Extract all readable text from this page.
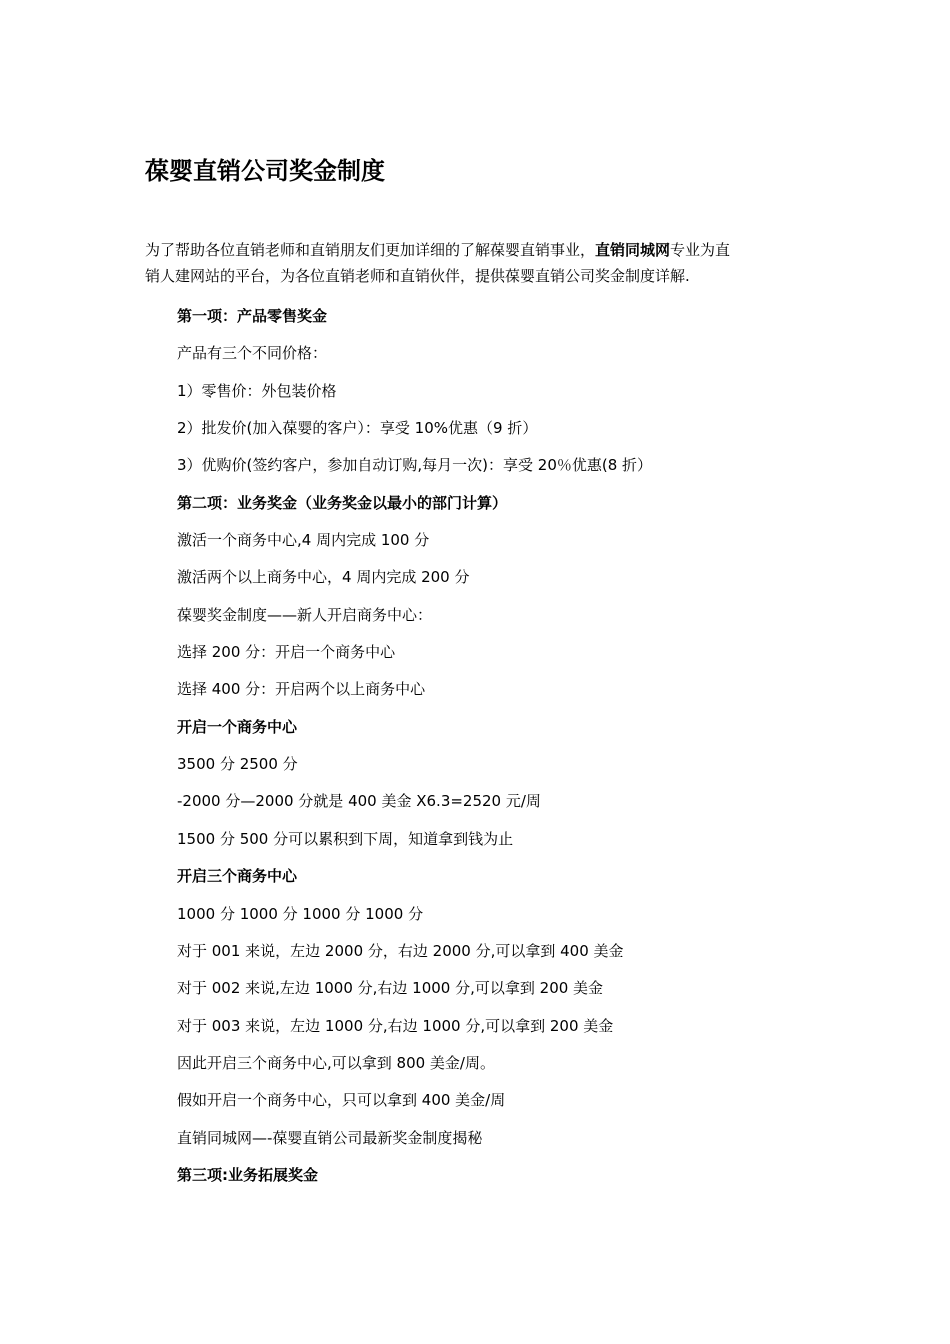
葆婴直销公司奖金制度

为了帮助各位直销老师和直销朋友们更加详细的了解葆婴直销事业，直销同城网专业为直
销人建网站的平台，为各位直销老师和直销伙伴，提供葆婴直销公司奖金制度详解.

第一项：产品零售奖金
产品有三个不同价格：
1）零售价：外包装价格
2）批发价(加入葆婴的客户）：享受 10%优惠（9 折）
3）优购价(签约客户，参加自动订购,每月一次)：享受 20％优惠(8 折）
第二项：业务奖金（业务奖金以最小的部门计算）
激活一个商务中心,4 周内完成 100 分
激活两个以上商务中心，4 周内完成 200 分
葆婴奖金制度——新人开启商务中心：
选择 200 分：开启一个商务中心
选择 400 分：开启两个以上商务中心
开启一个商务中心
3500 分 2500 分
-2000 分—2000 分就是 400 美金 X6.3=2520 元/周
1500 分 500 分可以累积到下周，知道拿到钱为止
开启三个商务中心
1000 分 1000 分 1000 分 1000 分
对于 001 来说，左边 2000 分，右边 2000 分,可以拿到 400 美金
对于 002 来说,左边 1000 分,右边 1000 分,可以拿到 200 美金
对于 003 来说，左边 1000 分,右边 1000 分,可以拿到 200 美金
因此开启三个商务中心,可以拿到 800 美金/周。
假如开启一个商务中心，只可以拿到 400 美金/周
直销同城网—-葆婴直销公司最新奖金制度揭秘
第三项:业务拓展奖金
